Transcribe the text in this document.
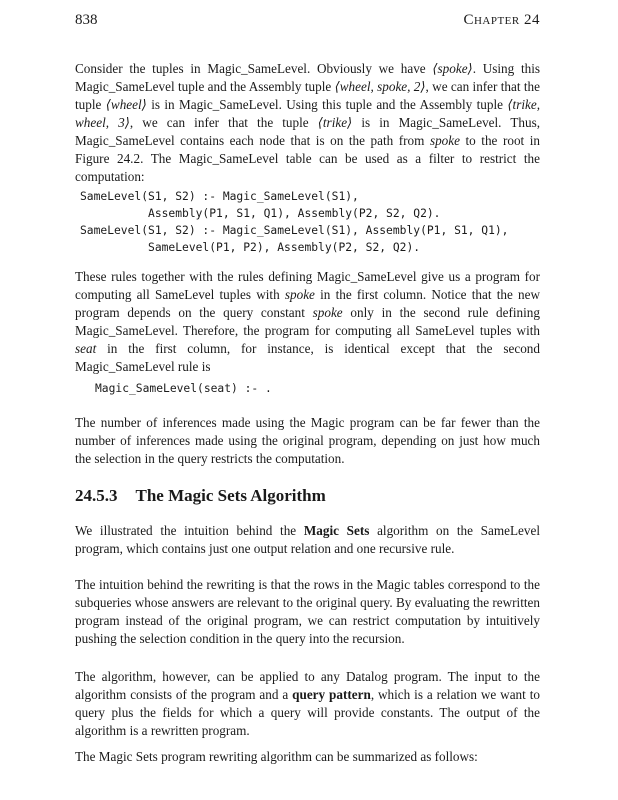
838	Chapter 24

Consider the tuples in Magic_SameLevel. Obviously we have ⟨spoke⟩. Using this Magic_SameLevel tuple and the Assembly tuple ⟨wheel, spoke, 2⟩, we can infer that the tuple ⟨wheel⟩ is in Magic_SameLevel. Using this tuple and the Assembly tuple ⟨trike, wheel, 3⟩, we can infer that the tuple ⟨trike⟩ is in Magic_SameLevel. Thus, Magic_SameLevel contains each node that is on the path from spoke to the root in Figure 24.2. The Magic_SameLevel table can be used as a filter to restrict the computation:

SameLevel(S1, S2) :- Magic_SameLevel(S1),
Assembly(P1, S1, Q1), Assembly(P2, S2, Q2).
SameLevel(S1, S2) :- Magic_SameLevel(S1), Assembly(P1, S1, Q1),
SameLevel(P1, P2), Assembly(P2, S2, Q2).

These rules together with the rules defining Magic_SameLevel give us a program for computing all SameLevel tuples with spoke in the first column. Notice that the new program depends on the query constant spoke only in the second rule defining Magic_SameLevel. Therefore, the program for computing all SameLevel tuples with seat in the first column, for instance, is identical except that the second Magic_SameLevel rule is

Magic_SameLevel(seat) :- .

The number of inferences made using the Magic program can be far fewer than the number of inferences made using the original program, depending on just how much the selection in the query restricts the computation.

24.5.3 The Magic Sets Algorithm

We illustrated the intuition behind the Magic Sets algorithm on the SameLevel program, which contains just one output relation and one recursive rule.

The intuition behind the rewriting is that the rows in the Magic tables correspond to the subqueries whose answers are relevant to the original query. By evaluating the rewritten program instead of the original program, we can restrict computation by intuitively pushing the selection condition in the query into the recursion.

The algorithm, however, can be applied to any Datalog program. The input to the algorithm consists of the program and a query pattern, which is a relation we want to query plus the fields for which a query will provide constants. The output of the algorithm is a rewritten program.

The Magic Sets program rewriting algorithm can be summarized as follows:
